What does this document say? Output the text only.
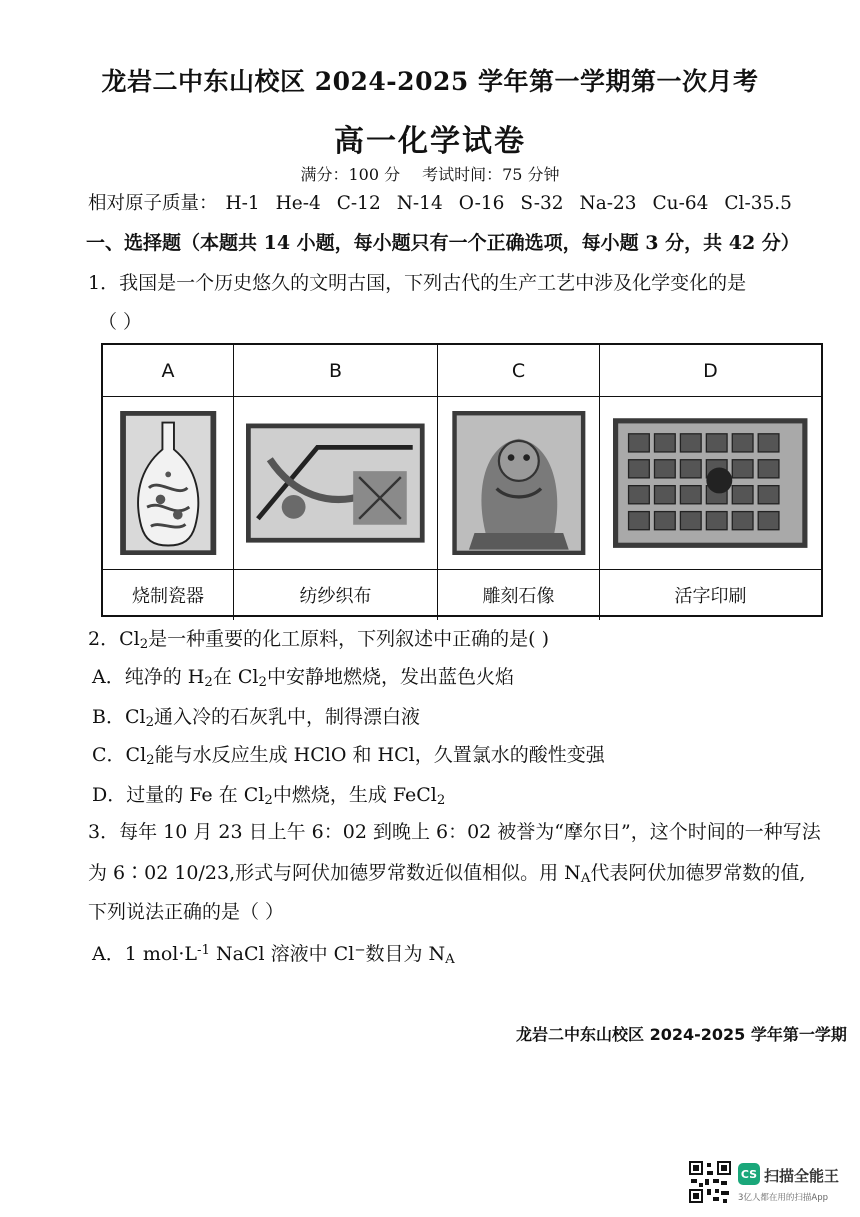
龙岩二中东山校区 2024-2025 学年第一学期第一次月考
高一化学试卷
满分：100 分 考试时间：75 分钟
相对原子质量： H-1 He-4 C-12 N-14 O-16 S-32 Na-23 Cu-64 Cl-35.5
一、选择题（本题共 14 小题，每小题只有一个正确选项，每小题 3 分，共 42 分）
1．我国是一个历史悠久的文明古国，下列古代的生产工艺中涉及化学变化的是
（ ）
A	B	C	D
烧制瓷器	纺纱织布	雕刻石像	活字印刷
2．$Cl_2$是一种重要的化工原料，下列叙述中正确的是( )
A．纯净的 $H_2$在 $Cl_2$中安静地燃烧，发出蓝色火焰
B．$Cl_2$通入冷的石灰乳中，制得漂白液
C．$Cl_2$能与水反应生成 HClO 和 HCl，久置氯水的酸性变强
D．过量的 Fe 在 $Cl_2$中燃烧，生成 FeCl$_2$
3．每年 10 月 23 日上午 6：02 到晚上 6：02 被誉为“摩尔日”，这个时间的一种写法
为 6∶02 10/23,形式与阿伏加德罗常数近似值相似。用 $N_A$代表阿伏加德罗常数的值,
下列说法正确的是（ ）
A．1 $mol\cdot L^{-1}$ NaCl 溶液中 Cl−数目为 $N_A$
龙岩二中东山校区 2024-2025 学年第一学期
CS 扫描全能王
3亿人都在用的扫描App
